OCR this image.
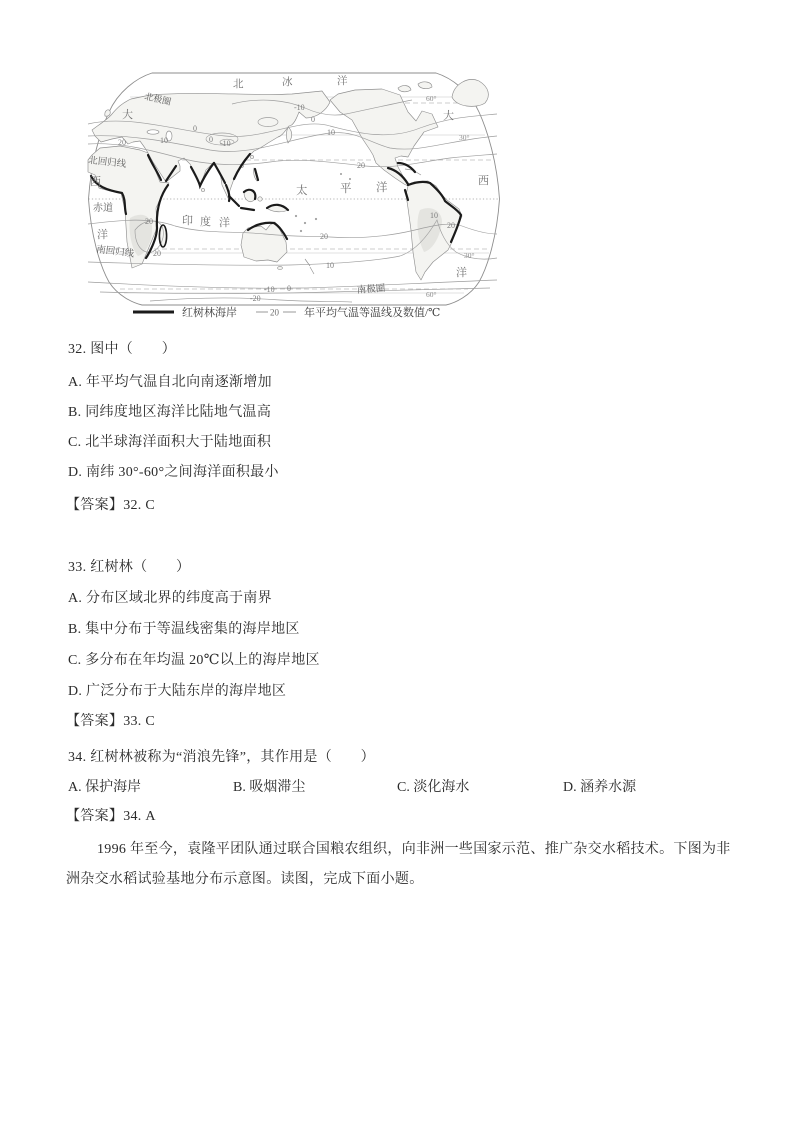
北	冰	洋
北极圈
大
西
赤道
洋
北回归线
南回归线
印 度 洋
太	平 洋
大
西
洋
南极圈
60°
30°
30°
60°
20	10
0
0 -10
-10
0
10
20
20
20
20
10
0
-10
-20
10
20
红树林海岸	20 年平均气温等温线及数值/℃
32. 图中（　　）
A. 年平均气温自北向南逐渐增加
B. 同纬度地区海洋比陆地气温高
C. 北半球海洋面积大于陆地面积
D. 南纬 30°-60°之间海洋面积最小
【答案】32. C
33. 红树林（　　）
A. 分布区域北界的纬度高于南界
B. 集中分布于等温线密集的海岸地区
C. 多分布在年均温 20℃以上的海岸地区
D. 广泛分布于大陆东岸的海岸地区
【答案】33. C
34. 红树林被称为“消浪先锋”，其作用是（　　）
A. 保护海岸	B. 吸烟滞尘	C. 淡化海水	D. 涵养水源
【答案】34. A
1996 年至今，袁隆平团队通过联合国粮农组织，向非洲一些国家示范、推广杂交水稻技术。下图为非
洲杂交水稻试验基地分布示意图。读图，完成下面小题。
